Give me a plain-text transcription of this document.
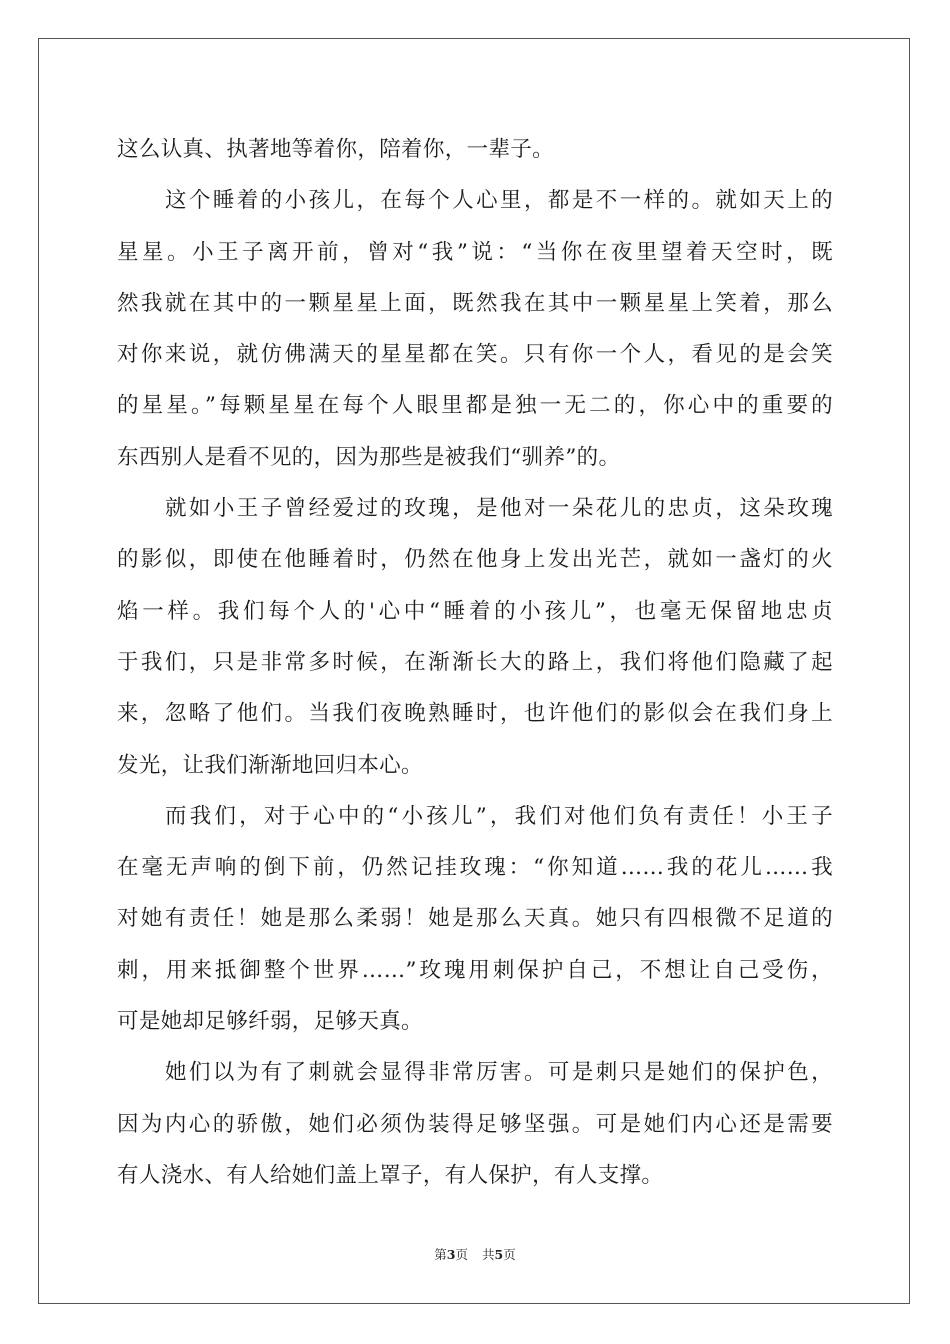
这么认真、执著地等着你，陪着你，一辈子。
这个睡着的小孩儿，在每个人心里，都是不一样的。就如天上的
星星。小王子离开前，曾对“我”说：“当你在夜里望着天空时，既
然我就在其中的一颗星星上面，既然我在其中一颗星星上笑着，那么
对你来说，就仿佛满天的星星都在笑。只有你一个人，看见的是会笑
的星星。”每颗星星在每个人眼里都是独一无二的，你心中的重要的
东西别人是看不见的，因为那些是被我们“驯养”的。
就如小王子曾经爱过的玫瑰，是他对一朵花儿的忠贞，这朵玫瑰
的影似，即使在他睡着时，仍然在他身上发出光芒，就如一盏灯的火
焰一样。我们每个人的'心中“睡着的小孩儿”，也毫无保留地忠贞
于我们，只是非常多时候，在渐渐长大的路上，我们将他们隐藏了起
来，忽略了他们。当我们夜晚熟睡时，也许他们的影似会在我们身上
发光，让我们渐渐地回归本心。
而我们，对于心中的“小孩儿”，我们对他们负有责任！小王子
在毫无声响的倒下前，仍然记挂玫瑰：“你知道……我的花儿……我
对她有责任！她是那么柔弱！她是那么天真。她只有四根微不足道的
刺，用来抵御整个世界……”玫瑰用刺保护自己，不想让自己受伤，
可是她却足够纤弱，足够天真。
她们以为有了刺就会显得非常厉害。可是刺只是她们的保护色，
因为内心的骄傲，她们必须伪装得足够坚强。可是她们内心还是需要
有人浇水、有人给她们盖上罩子，有人保护，有人支撑。
第3页 共5页
